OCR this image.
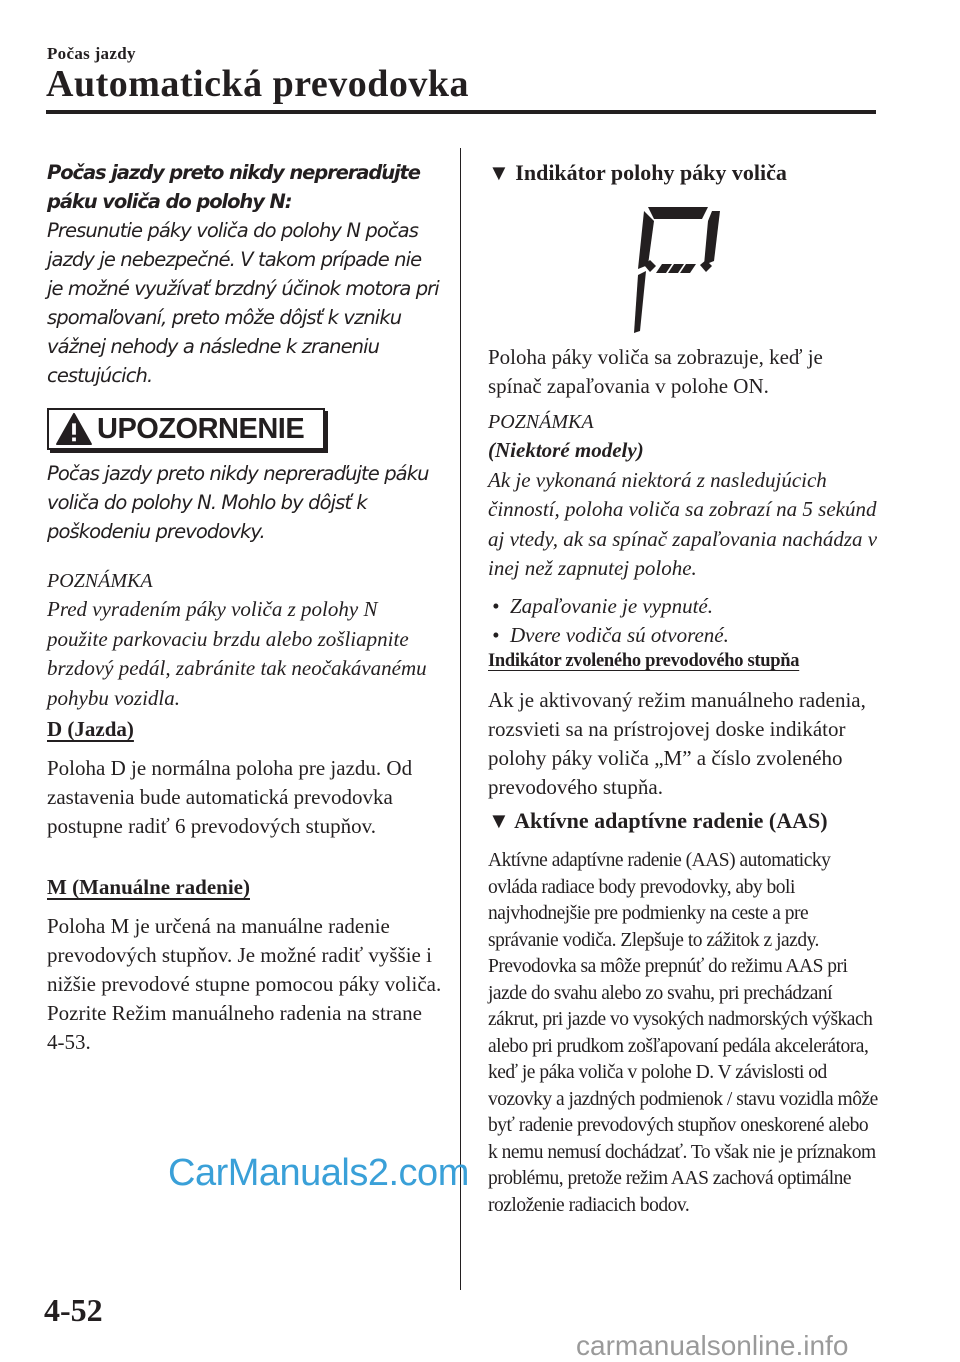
Počas jazdy
Automatická prevodovka

Počas jazdy preto nikdy nepreraďujte páku voliča do polohy N:

Presunutie páky voliča do polohy N počas jazdy je nebezpečné. V takom prípade nie je možné využívať brzdný účinok motora pri spomaľovaní, preto môže dôjsť k vzniku vážnej nehody a následne k zraneniu cestujúcich.

UPOZORNENIE

Počas jazdy preto nikdy nepreraďujte páku voliča do polohy N. Mohlo by dôjsť k poškodeniu prevodovky.

POZNÁMKA

Pred vyradením páky voliča z polohy N použite parkovaciu brzdu alebo zošliapnite brzdový pedál, zabránite tak neočakávanému pohybu vozidla.

D (Jazda)

Poloha D je normálna poloha pre jazdu. Od zastavenia bude automatická prevodovka postupne radiť 6 prevodových stupňov.

M (Manuálne radenie)

Poloha M je určená na manuálne radenie prevodových stupňov. Je možné radiť vyššie i nižšie prevodové stupne pomocou páky voliča. Pozrite Režim manuálneho radenia na strane 4-53.

▼ Indikátor polohy páky voliča

Poloha páky voliča sa zobrazuje, keď je spínač zapaľovania v polohe ON.

POZNÁMKA

(Niektoré modely)

Ak je vykonaná niektorá z nasledujúcich činností, poloha voliča sa zobrazí na 5 sekúnd aj vtedy, ak sa spínač zapaľovania nachádza v inej než zapnutej polohe.

• Zapaľovanie je vypnuté.
• Dvere vodiča sú otvorené.

Indikátor zvoleného prevodového stupňa

Ak je aktivovaný režim manuálneho radenia, rozsvieti sa na prístrojovej doske indikátor polohy páky voliča „M” a číslo zvoleného prevodového stupňa.

▼ Aktívne adaptívne radenie (AAS)

Aktívne adaptívne radenie (AAS) automaticky ovláda radiace body prevodovky, aby boli najvhodnejšie pre podmienky na ceste a pre správanie vodiča. Zlepšuje to zážitok z jazdy. Prevodovka sa môže prepnúť do režimu AAS pri jazde do svahu alebo zo svahu, pri prechádzaní zákrut, pri jazde vo vysokých nadmorských výškach alebo pri prudkom zošľapovaní pedála akcelerátora, keď je páka voliča v polohe D. V závislosti od vozovky a jazdných podmienok / stavu vozidla môže byť radenie prevodových stupňov oneskorené alebo k nemu nemusí dochádzať. To však nie je príznakom problému, pretože režim AAS zachová optimálne rozloženie radiacich bodov.

CarManuals2.com
4-52
carmanualsonline.info
